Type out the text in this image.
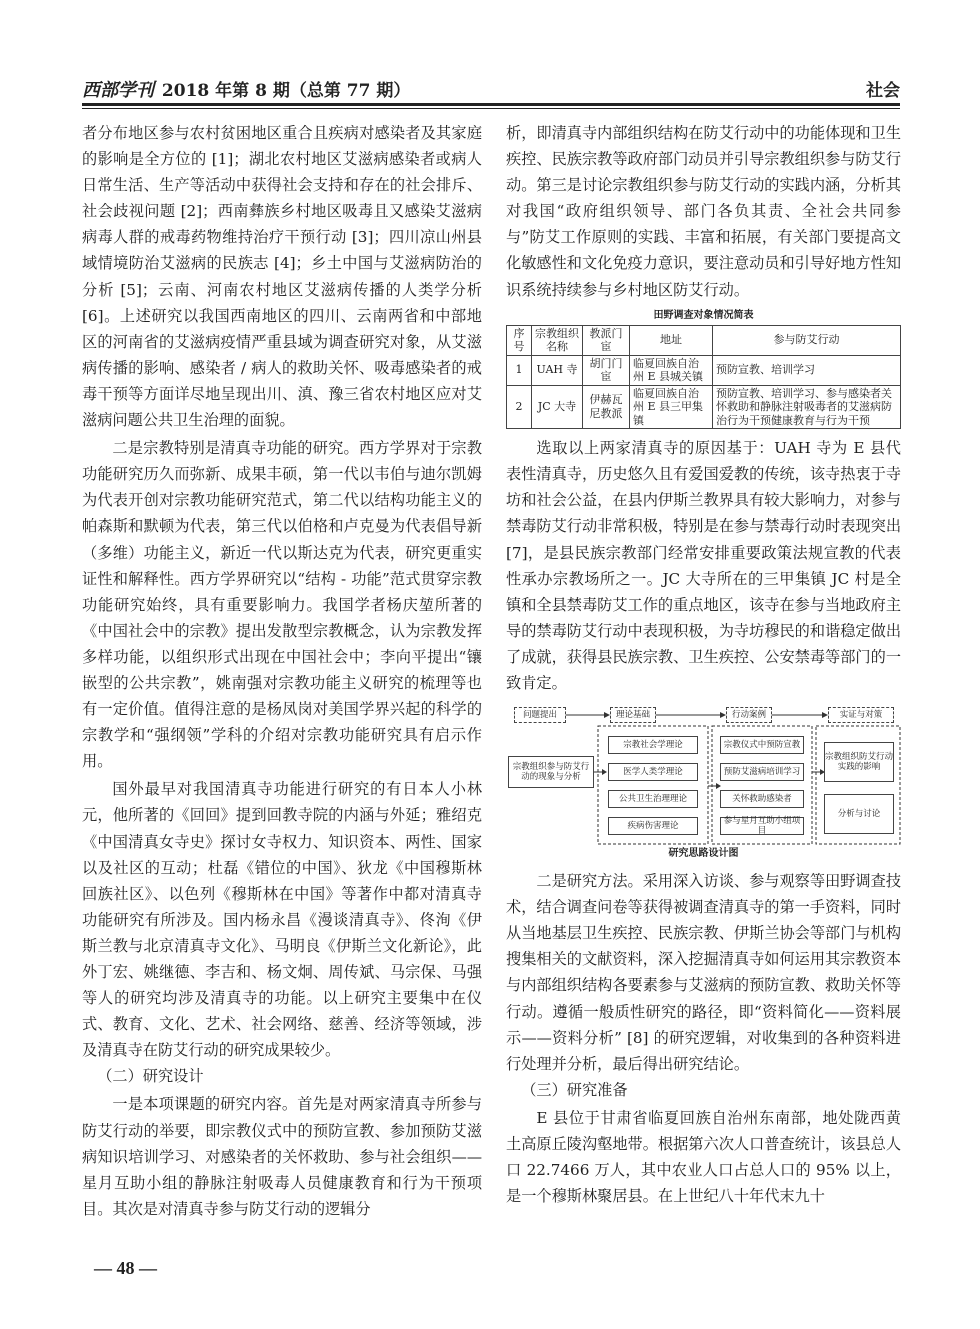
西部学刊 2018 年第 8 期（总第 77 期）	社会

者分布地区参与农村贫困地区重合且疾病对感染者及其家庭的影响是全方位的 [1]；湖北农村地区艾滋病感染者或病人日常生活、生产等活动中获得社会支持和存在的社会排斥、社会歧视问题 [2]；西南彝族乡村地区吸毒且又感染艾滋病病毒人群的戒毒药物维持治疗干预行动 [3]；四川凉山州县域情境防治艾滋病的民族志 [4]；乡土中国与艾滋病防治的分析 [5]；云南、河南农村地区艾滋病传播的人类学分析 [6]。上述研究以我国西南地区的四川、云南两省和中部地区的河南省的艾滋病疫情严重县域为调查研究对象，从艾滋病传播的影响、感染者 / 病人的救助关怀、吸毒感染者的戒毒干预等方面详尽地呈现出川、滇、豫三省农村地区应对艾滋病问题公共卫生治理的面貌。

二是宗教特别是清真寺功能的研究。西方学界对于宗教功能研究历久而弥新、成果丰硕，第一代以韦伯与迪尔凯姆为代表开创对宗教功能研究范式，第二代以结构功能主义的帕森斯和默顿为代表，第三代以伯格和卢克曼为代表倡导新（多维）功能主义，新近一代以斯达克为代表，研究更重实证性和解释性。西方学界研究以“结构 - 功能”范式贯穿宗教功能研究始终，具有重要影响力。我国学者杨庆堃所著的《中国社会中的宗教》提出发散型宗教概念，认为宗教发挥多样功能，以组织形式出现在中国社会中；李向平提出“镶嵌型的公共宗教”，姚南强对宗教功能主义研究的梳理等也有一定价值。值得注意的是杨凤岗对美国学界兴起的科学的宗教学和“强纲领”学科的介绍对宗教功能研究具有启示作用。

国外最早对我国清真寺功能进行研究的有日本人小林元，他所著的《回回》提到回教寺院的内涵与外延；雅绍克《中国清真女寺史》探讨女寺权力、知识资本、两性、国家以及社区的互动；杜磊《错位的中国》、狄龙《中国穆斯林回族社区》、以色列《穆斯林在中国》等著作中都对清真寺功能研究有所涉及。国内杨永昌《漫谈清真寺》、佟洵《伊斯兰教与北京清真寺文化》、马明良《伊斯兰文化新论》，此外丁宏、姚继德、李吉和、杨文炯、周传斌、马宗保、马强等人的研究均涉及清真寺的功能。以上研究主要集中在仪式、教育、文化、艺术、社会网络、慈善、经济等领域，涉及清真寺在防艾行动的研究成果较少。

（二）研究设计

一是本项课题的研究内容。首先是对两家清真寺所参与防艾行动的举要，即宗教仪式中的预防宣教、参加预防艾滋病知识培训学习、对感染者的关怀救助、参与社会组织——星月互助小组的静脉注射吸毒人员健康教育和行为干预项目。其次是对清真寺参与防艾行动的逻辑分

析，即清真寺内部组织结构在防艾行动中的功能体现和卫生疾控、民族宗教等政府部门动员并引导宗教组织参与防艾行动。第三是讨论宗教组织参与防艾行动的实践内涵，分析其对我国“政府组织领导、部门各负其责、全社会共同参与”防艾工作原则的实践、丰富和拓展，有关部门要提高文化敏感性和文化免疫力意识，要注意动员和引导好地方性知识系统持续参与乡村地区防艾行动。

田野调查对象情况简表
序号	宗教组织名称	教派门宦	地址	参与防艾行动
1	UAH 寺	胡门门宦	临夏回族自治州 E 县城关镇	预防宣教、培训学习
2	JC 大寺	伊赫瓦尼教派	临夏回族自治州 E 县三甲集镇	预防宣教、培训学习、参与感染者关怀救助和静脉注射吸毒者的艾滋病防治行为干预健康教育与行为干预

选取以上两家清真寺的原因基于：UAH 寺为 E 县代表性清真寺，历史悠久且有爱国爱教的传统，该寺热衷于寺坊和社会公益，在县内伊斯兰教界具有较大影响力，对参与禁毒防艾行动非常积极，特别是在参与禁毒行动时表现突出 [7]，是县民族宗教部门经常安排重要政策法规宣教的代表性承办宗教场所之一。JC 大寺所在的三甲集镇 JC 村是全镇和全县禁毒防艾工作的重点地区，该寺在参与当地政府主导的禁毒防艾行动中表现积极，为寺坊穆民的和谐稳定做出了成就，获得县民族宗教、卫生疾控、公安禁毒等部门的一致肯定。

问题提出	理论基础	行动案例	实证与对策
宗教组织参与防艾行动的现象与分析
宗教社会学理论
医学人类学理论
公共卫生治理理论
疾病伤害理论
宗教仪式中预防宣教
预防艾滋病培训学习
关怀救助感染者
参与星月互助小组项目
宗教组织防艾行动实践的影响
分析与讨论
研究思路设计图

二是研究方法。采用深入访谈、参与观察等田野调查技术，结合调查问卷等获得被调查清真寺的第一手资料，同时从当地基层卫生疾控、民族宗教、伊斯兰协会等部门与机构搜集相关的文献资料，深入挖掘清真寺如何运用其宗教资本与内部组织结构各要素参与艾滋病的预防宣教、救助关怀等行动。遵循一般质性研究的路径，即“资料简化——资料展示——资料分析” [8] 的研究逻辑，对收集到的各种资料进行处理并分析，最后得出研究结论。

（三）研究准备

E 县位于甘肃省临夏回族自治州东南部，地处陇西黄土高原丘陵沟壑地带。根据第六次人口普查统计，该县总人口 22.7466 万人，其中农业人口占总人口的 95% 以上，是一个穆斯林聚居县。在上世纪八十年代末九十

— 48 —
